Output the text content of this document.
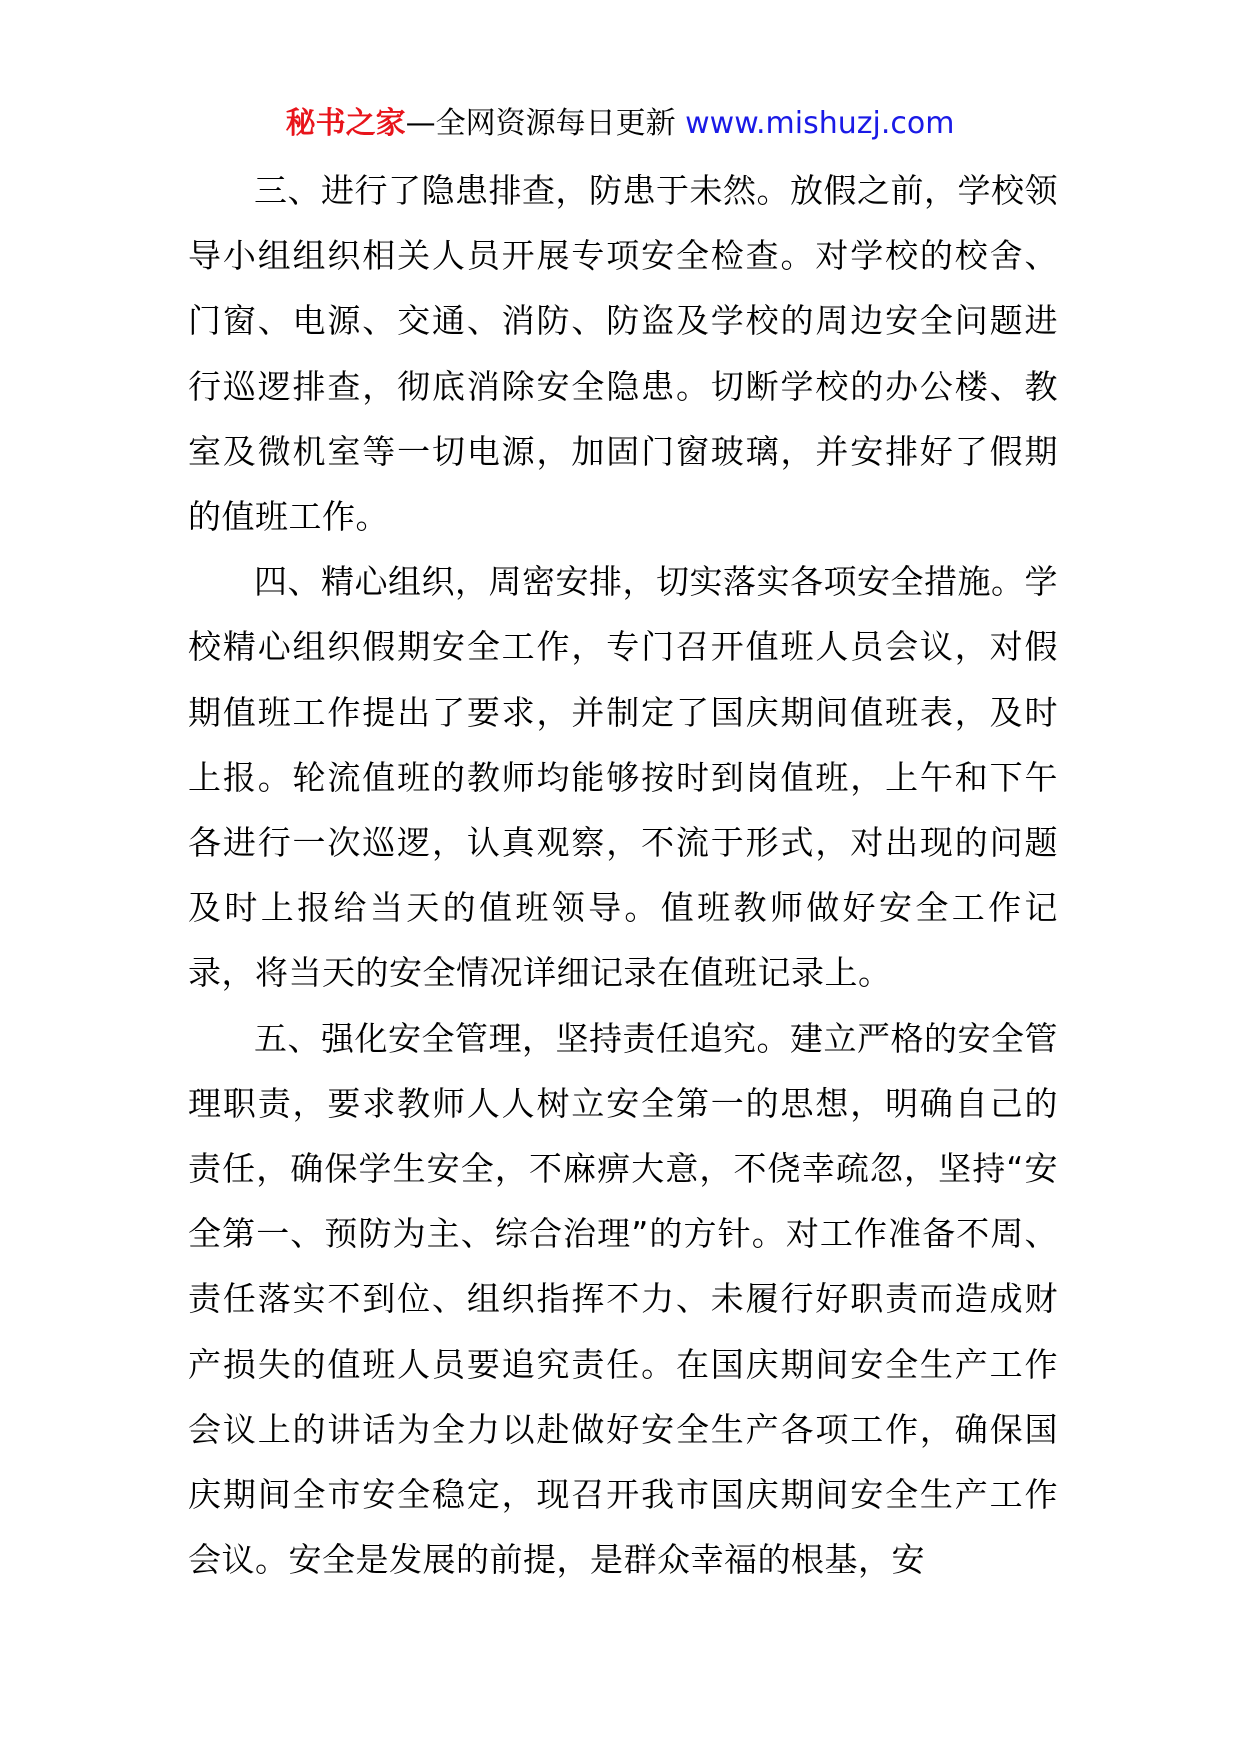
秘书之家—全网资源每日更新 www.mishuzj.com

三、进行了隐患排查，防患于未然。放假之前，学校领导小组组织相关人员开展专项安全检查。对学校的校舍、门窗、电源、交通、消防、防盗及学校的周边安全问题进行巡逻排查，彻底消除安全隐患。切断学校的办公楼、教室及微机室等一切电源，加固门窗玻璃，并安排好了假期的值班工作。

四、精心组织，周密安排，切实落实各项安全措施。学校精心组织假期安全工作，专门召开值班人员会议，对假期值班工作提出了要求，并制定了国庆期间值班表，及时上报。轮流值班的教师均能够按时到岗值班，上午和下午各进行一次巡逻，认真观察，不流于形式，对出现的问题及时上报给当天的值班领导。值班教师做好安全工作记录，将当天的安全情况详细记录在值班记录上。

五、强化安全管理，坚持责任追究。建立严格的安全管理职责，要求教师人人树立安全第一的思想，明确自己的责任，确保学生安全，不麻痹大意，不侥幸疏忽，坚持“安全第一、预防为主、综合治理”的方针。对工作准备不周、责任落实不到位、组织指挥不力、未履行好职责而造成财产损失的值班人员要追究责任。在国庆期间安全生产工作会议上的讲话为全力以赴做好安全生产各项工作，确保国庆期间全市安全稳定，现召开我市国庆期间安全生产工作会议。安全是发展的前提，是群众幸福的根基，安
